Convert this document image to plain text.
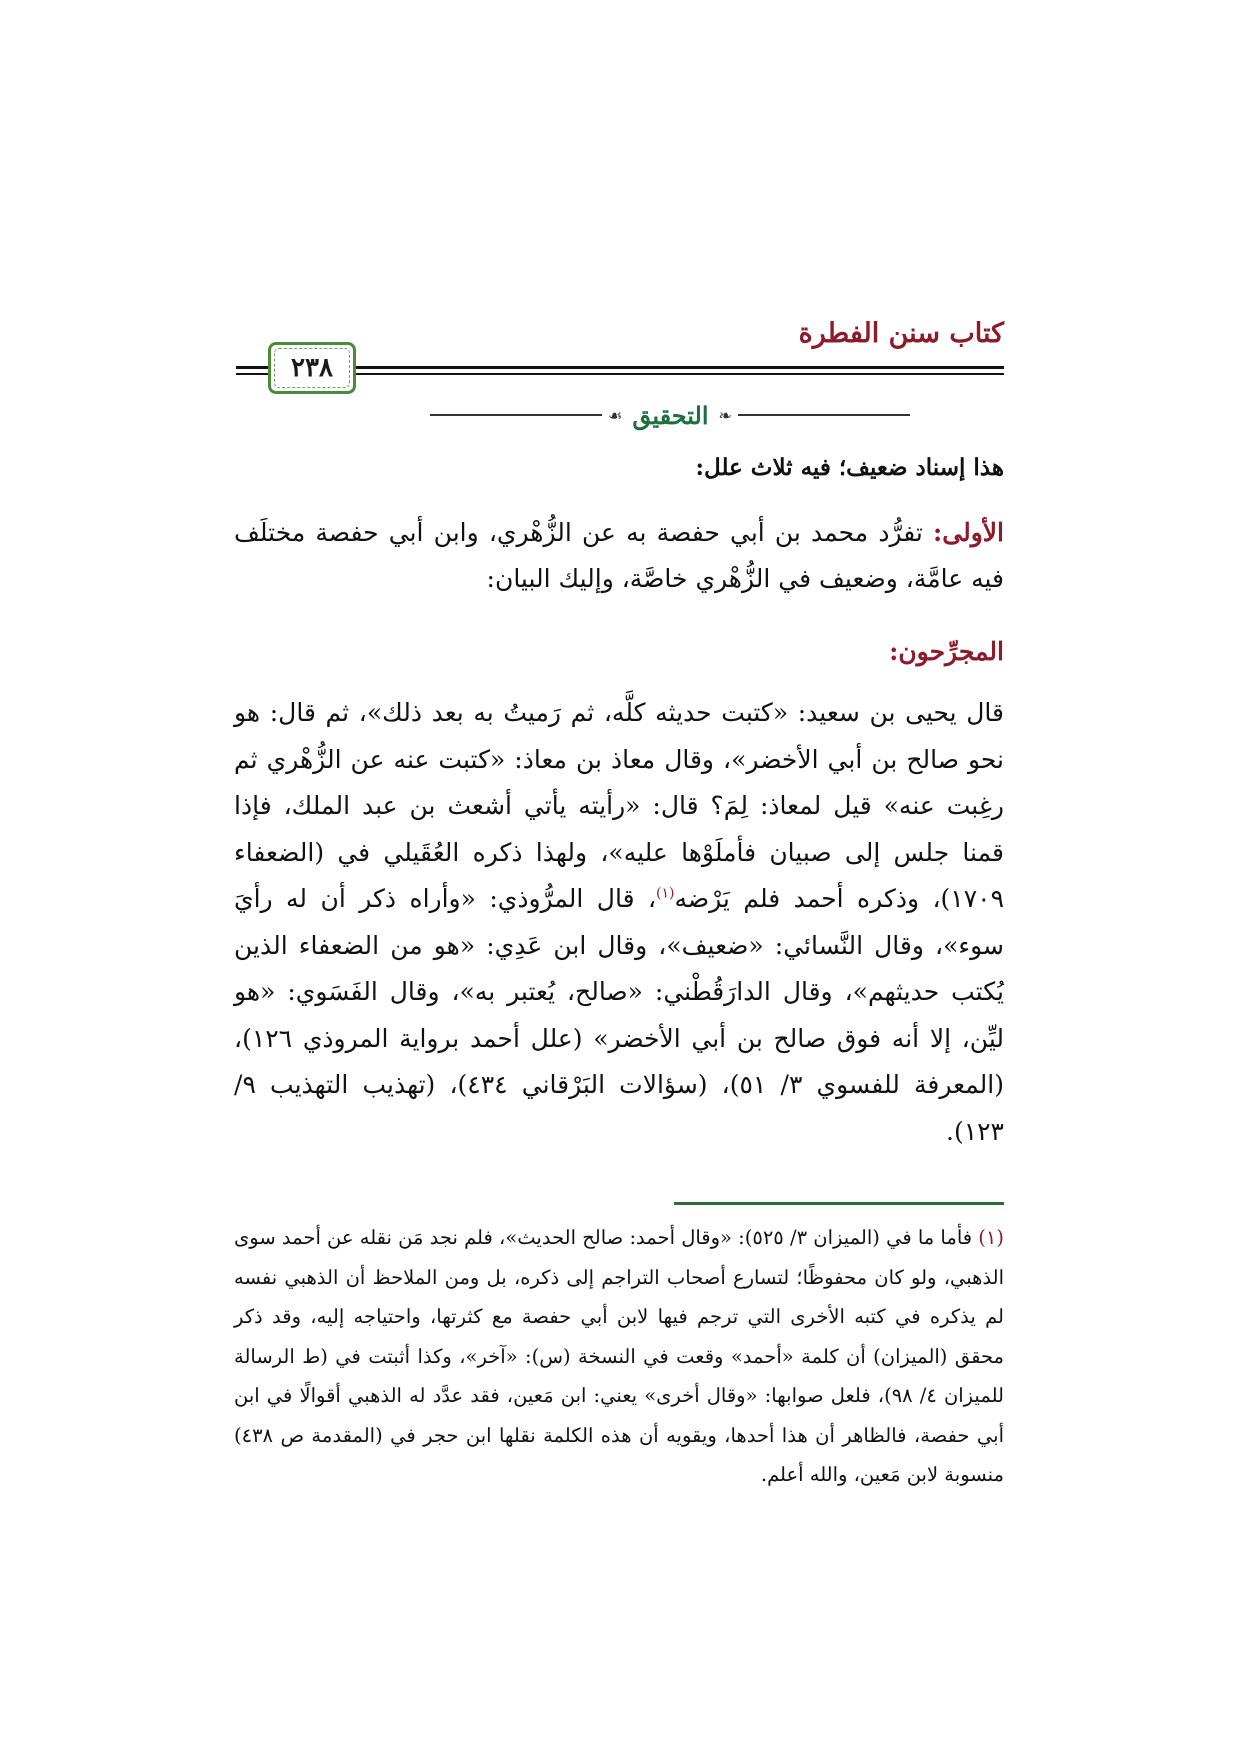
كتاب سنن الفطرة
٢٣٨
❧
التحقيق
☙
هذا إسناد ضعيف؛ فيه ثلاث علل:
الأولى: تفرُّد محمد بن أبي حفصة به عن الزُّهْري، وابن أبي حفصة مختلَف فيه عامَّة، وضعيف في الزُّهْري خاصَّة، وإليك البيان:
المجرِّحون:
قال يحيى بن سعيد: «كتبت حديثه كلَّه، ثم رَميتُ به بعد ذلك»، ثم قال: هو نحو صالح بن أبي الأخضر»، وقال معاذ بن معاذ: «كتبت عنه عن الزُّهْري ثم رغِبت عنه» قيل لمعاذ: لِمَ؟ قال: «رأيته يأتي أشعث بن عبد الملك، فإذا قمنا جلس إلى صبيان فأملَوْها عليه»، ولهذا ذكره العُقَيلي في (الضعفاء ١٧٠٩)، وذكره أحمد فلم يَرْضه$^{(١)}$، قال المرُّوذي: «وأراه ذكر أن له رأيَ سوء»، وقال النَّسائي: «ضعيف»، وقال ابن عَدِي: «هو من الضعفاء الذين يُكتب حديثهم»، وقال الدارَقُطْني: «صالح، يُعتبر به»، وقال الفَسَوي: «هو ليِّن، إلا أنه فوق صالح بن أبي الأخضر» (علل أحمد برواية المروذي ١٢٦)، (المعرفة للفسوي ٣/ ٥١)، (سؤالات البَرْقاني ٤٣٤)، (تهذيب التهذيب ٩/ ١٢٣).
(١) فأما ما في (الميزان ٣/ ٥٢٥): «وقال أحمد: صالح الحديث»، فلم نجد مَن نقله عن أحمد سوى الذهبي، ولو كان محفوظًا؛ لتسارع أصحاب التراجم إلى ذكره، بل ومن الملاحظ أن الذهبي نفسه لم يذكره في كتبه الأخرى التي ترجم فيها لابن أبي حفصة مع كثرتها، واحتياجه إليه، وقد ذكر محقق (الميزان) أن كلمة «أحمد» وقعت في النسخة (س): «آخر»، وكذا أثبتت في (ط الرسالة للميزان ٤/ ٩٨)، فلعل صوابها: «وقال أخرى» يعني: ابن مَعين، فقد عدَّد له الذهبي أقوالًا في ابن أبي حفصة، فالظاهر أن هذا أحدها، ويقويه أن هذه الكلمة نقلها ابن حجر في (المقدمة ص ٤٣٨) منسوبة لابن مَعين، والله أعلم.
